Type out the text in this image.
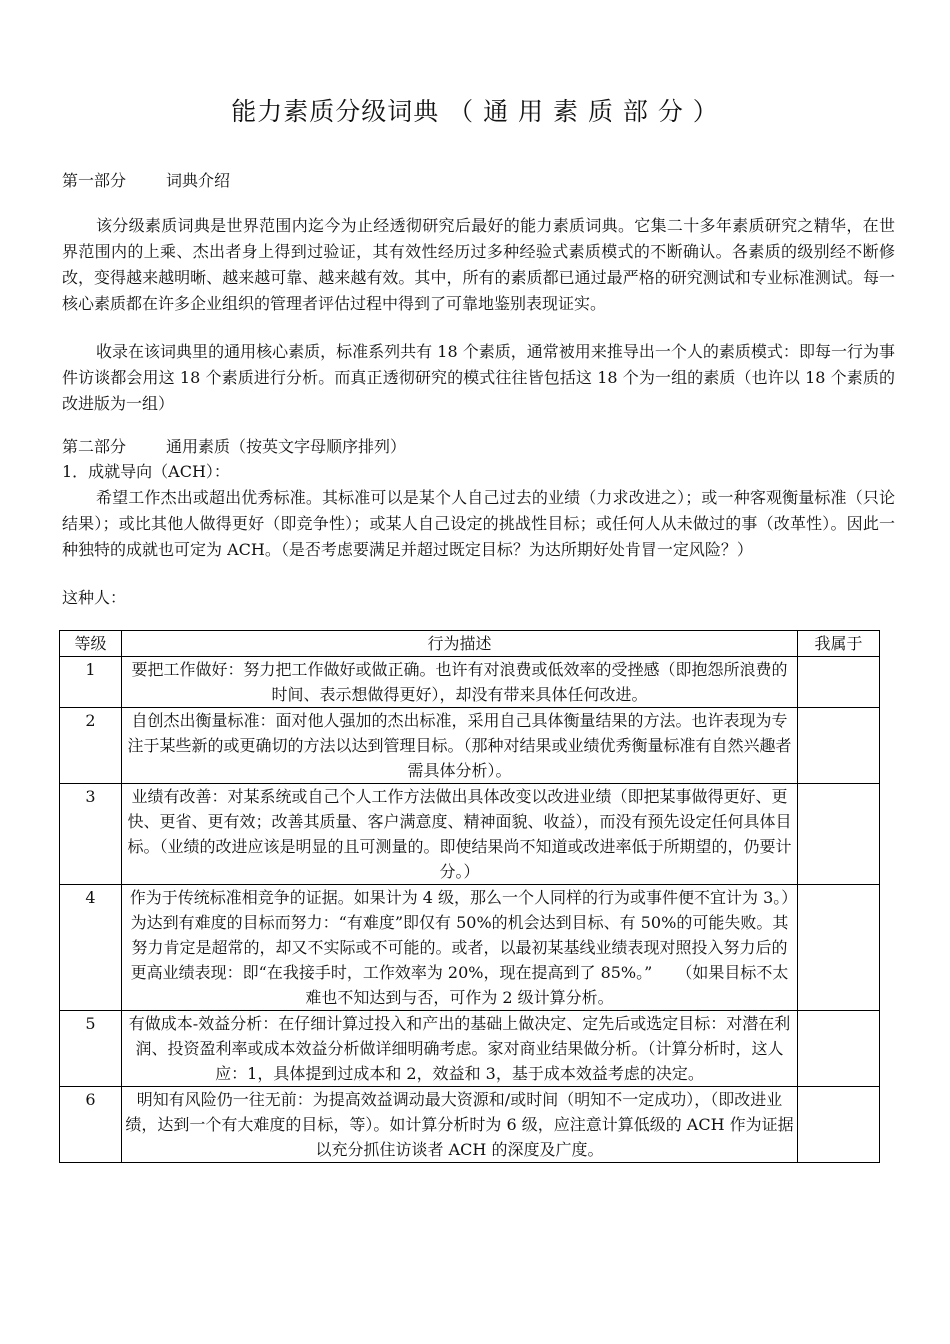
能力素质分级词典 （ 通 用 素 质 部 分 ）
第一部分	词典介绍

该分级素质词典是世界范围内迄今为止经透彻研究后最好的能力素质词典。它集二十多年素质研究之精华，在世界范围内的上乘、杰出者身上得到过验证，其有效性经历过多种经验式素质模式的不断确认。各素质的级别经不断修改，变得越来越明晰、越来越可靠、越来越有效。其中，所有的素质都已通过最严格的研究测试和专业标准测试。每一核心素质都在许多企业组织的管理者评估过程中得到了可靠地鉴别表现证实。

收录在该词典里的通用核心素质，标准系列共有 18 个素质，通常被用来推导出一个人的素质模式：即每一行为事件访谈都会用这 18 个素质进行分析。而真正透彻研究的模式往往皆包括这 18 个为一组的素质（也许以 18 个素质的改进版为一组）

第二部分	通用素质（按英文字母顺序排列）

1．成就导向（ACH）：

希望工作杰出或超出优秀标准。其标准可以是某个人自己过去的业绩（力求改进之）；或一种客观衡量标准（只论结果）；或比其他人做得更好（即竞争性）；或某人自己设定的挑战性目标；或任何人从未做过的事（改革性）。因此一种独特的成就也可定为 ACH。（是否考虑要满足并超过既定目标？为达所期好处肯冒一定风险？）

这种人：

等级	行为描述	我属于
1	要把工作做好：努力把工作做好或做正确。也许有对浪费或低效率的受挫感（即抱怨所浪费的时间、表示想做得更好），却没有带来具体任何改进。	
2	自创杰出衡量标准：面对他人强加的杰出标准，采用自己具体衡量结果的方法。也许表现为专注于某些新的或更确切的方法以达到管理目标。（那种对结果或业绩优秀衡量标准有自然兴趣者需具体分析）。	
3	业绩有改善：对某系统或自己个人工作方法做出具体改变以改进业绩（即把某事做得更好、更快、更省、更有效；改善其质量、客户满意度、精神面貌、收益），而没有预先设定任何具体目标。（业绩的改进应该是明显的且可测量的。即使结果尚不知道或改进率低于所期望的，仍要计分。）	
4	作为于传统标准相竞争的证据。如果计为 4 级，那么一个人同样的行为或事件便不宜计为 3。）　　为达到有难度的目标而努力：“有难度”即仅有 50%的机会达到目标、有 50%的可能失败。其努力肯定是超常的，却又不实际或不可能的。或者，以最初某基线业绩表现对照投入努力后的更高业绩表现：即“在我接手时，工作效率为 20%，现在提高到了 85%。”　　（如果目标不太难也不知达到与否，可作为 2 级计算分析。	
5	有做成本-效益分析：在仔细计算过投入和产出的基础上做决定、定先后或选定目标：对潜在利润、投资盈利率或成本效益分析做详细明确考虑。家对商业结果做分析。（计算分析时，这人应：1，具体提到过成本和 2，效益和 3，基于成本效益考虑的决定。	
6	明知有风险仍一往无前：为提高效益调动最大资源和/或时间（明知不一定成功），（即改进业绩，达到一个有大难度的目标，等）。如计算分析时为 6 级，应注意计算低级的 ACH 作为证据以充分抓住访谈者 ACH 的深度及广度。	
